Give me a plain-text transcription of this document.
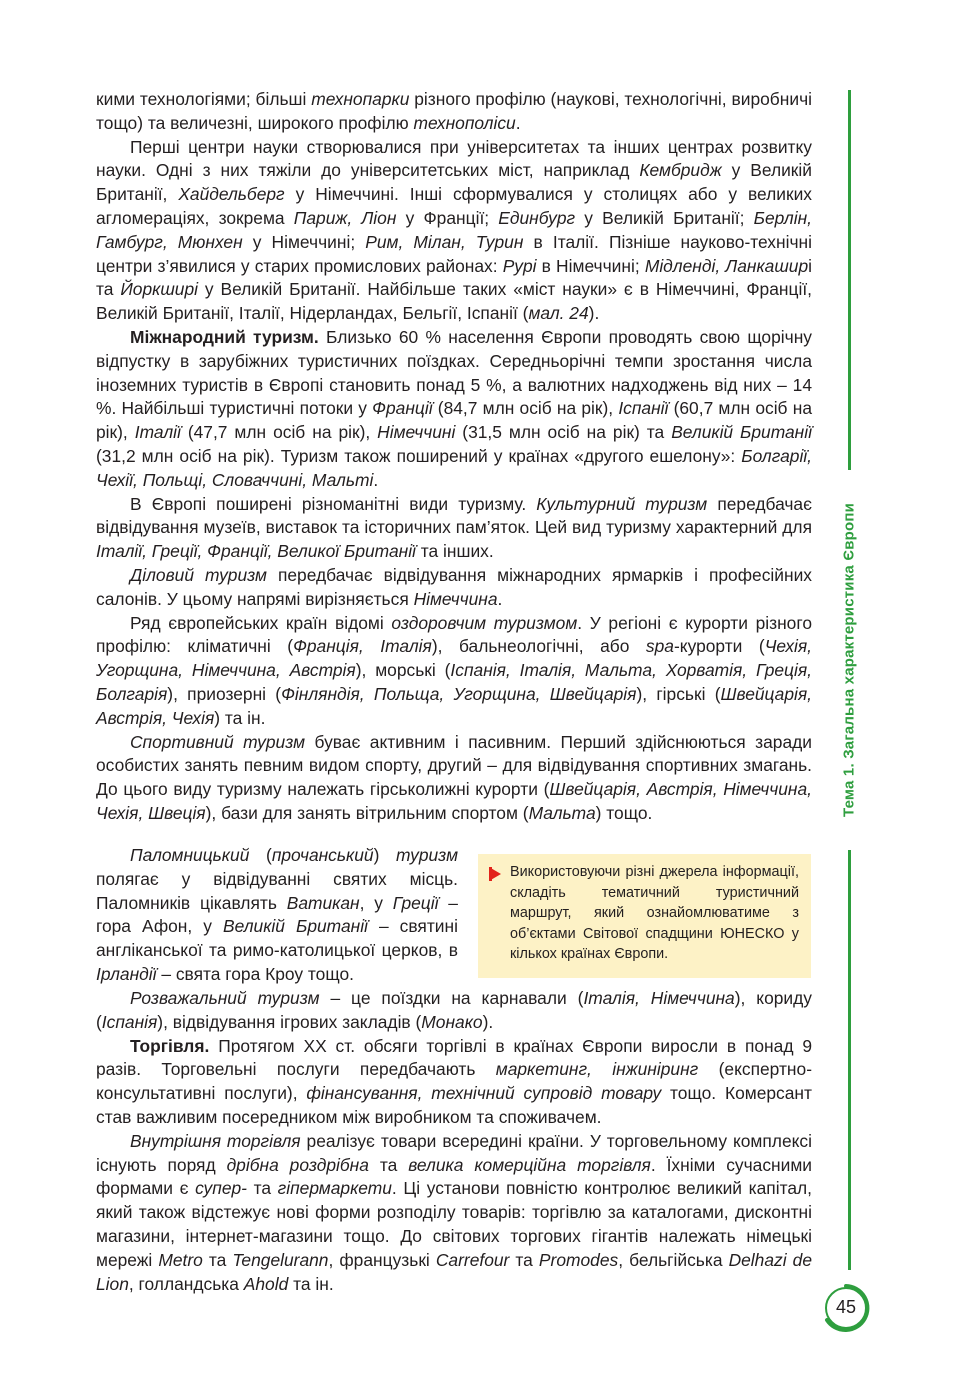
Тема 1. Загальна характеристика Європи

кими технологіями; більші технопарки різного профілю (наукові, технологічні, виробничі тощо) та величезні, широкого профілю технополіси.

Перші центри науки створювалися при університетах та інших центрах розвитку науки. Одні з них тяжіли до університетських міст, наприклад Кембридж у Великій Британії, Хайдельберг у Німеччині. Інші сформувалися у столицях або у великих агломераціях, зокрема Париж, Ліон у Франції; Единбург у Великій Британії; Берлін, Гамбург, Мюнхен у Німеччині; Рим, Мілан, Турин в Італії. Пізніше науково-технічні центри з’явилися у старих промислових районах: Рурі в Німеччині; Мідленді, Ланкаширі та Йоркширі у Великій Британії. Найбільше таких «міст науки» є в Німеччині, Франції, Великій Британії, Італії, Нідерландах, Бельгії, Іспанії (мал. 24).

Міжнародний туризм. Близько 60 % населення Європи проводять свою щорічну відпустку в зарубіжних туристичних поїздках. Середньорічні темпи зростання числа іноземних туристів в Європі становить понад 5 %, а валютних надходжень від них – 14 %. Найбільші туристичні потоки у Франції (84,7 млн осіб на рік), Іспанії (60,7 млн осіб на рік), Італії (47,7 млн осіб на рік), Німеччині (31,5 млн осіб на рік) та Великій Британії (31,2 млн осіб на рік). Туризм також поширений у країнах «другого ешелону»: Болгарії, Чехії, Польщі, Словаччині, Мальті.

В Європі поширені різноманітні види туризму. Культурний туризм передбачає відвідування музеїв, виставок та історичних пам’яток. Цей вид туризму характерний для Італії, Греції, Франції, Великої Британії та інших.

Діловий туризм передбачає відвідування міжнародних ярмарків і професійних салонів. У цьому напрямі вирізняється Німеччина.

Ряд європейських країн відомі оздоровчим туризмом. У регіоні є курорти різного профілю: кліматичні (Франція, Італія), бальнеологічні, або spa-курорти (Чехія, Угорщина, Німеччина, Австрія), морські (Іспанія, Італія, Мальта, Хорватія, Греція, Болгарія), приозерні (Фінляндія, Польща, Угорщина, Швейцарія), гірські (Швейцарія, Австрія, Чехія) та ін.

Спортивний туризм буває активним і пасивним. Перший здійснюються заради особистих занять певним видом спорту, другий – для відвідування спортивних змагань. До цього виду туризму належать гірськолижні курорти (Швейцарія, Австрія, Німеччина, Чехія, Швеція), бази для занять вітрильним спортом (Мальта) тощо.

Паломницький (прочанський) туризм полягає у відвідуванні святих місць. Паломників цікавлять Ватикан, у Греції – гора Афон, у Великій Британії – святині англіканської та римо-католицької церков, в Ірландії – свята гора Кроу тощо.

Використовуючи різні джерела інформації, складіть тематичний туристичний маршрут, який ознайомлюватиме з об’єктами Світової спадщини ЮНЕСКО у кількох країнах Європи.

Розважальний туризм – це поїздки на карнавали (Італія, Німеччина), кориду (Іспанія), відвідування ігрових закладів (Монако).

Торгівля. Протягом XX ст. обсяги торгівлі в країнах Європи виросли в понад 9 разів. Торговельні послуги передбачають маркетинг, інжиніринг (експертно-консультативні послуги), фінансування, технічний супровід товару тощо. Комерсант став важливим посередником між виробником та споживачем.

Внутрішня торгівля реалізує товари всередині країни. У торговельному комплексі існують поряд дрібна роздрібна та велика комерційна торгівля. Їхніми сучасними формами є супер- та гіпермаркети. Ці установи повністю контролює великий капітал, який також відстежує нові форми розподілу товарів: торгівлю за каталогами, дисконтні магазини, інтернет-магазини тощо. До світових торгових гігантів належать німецькі мережі Metro та Tengelurann, французькі Carrefour та Promodes, бельгійська Delhazi de Lion, голландська Ahold та ін.

45
